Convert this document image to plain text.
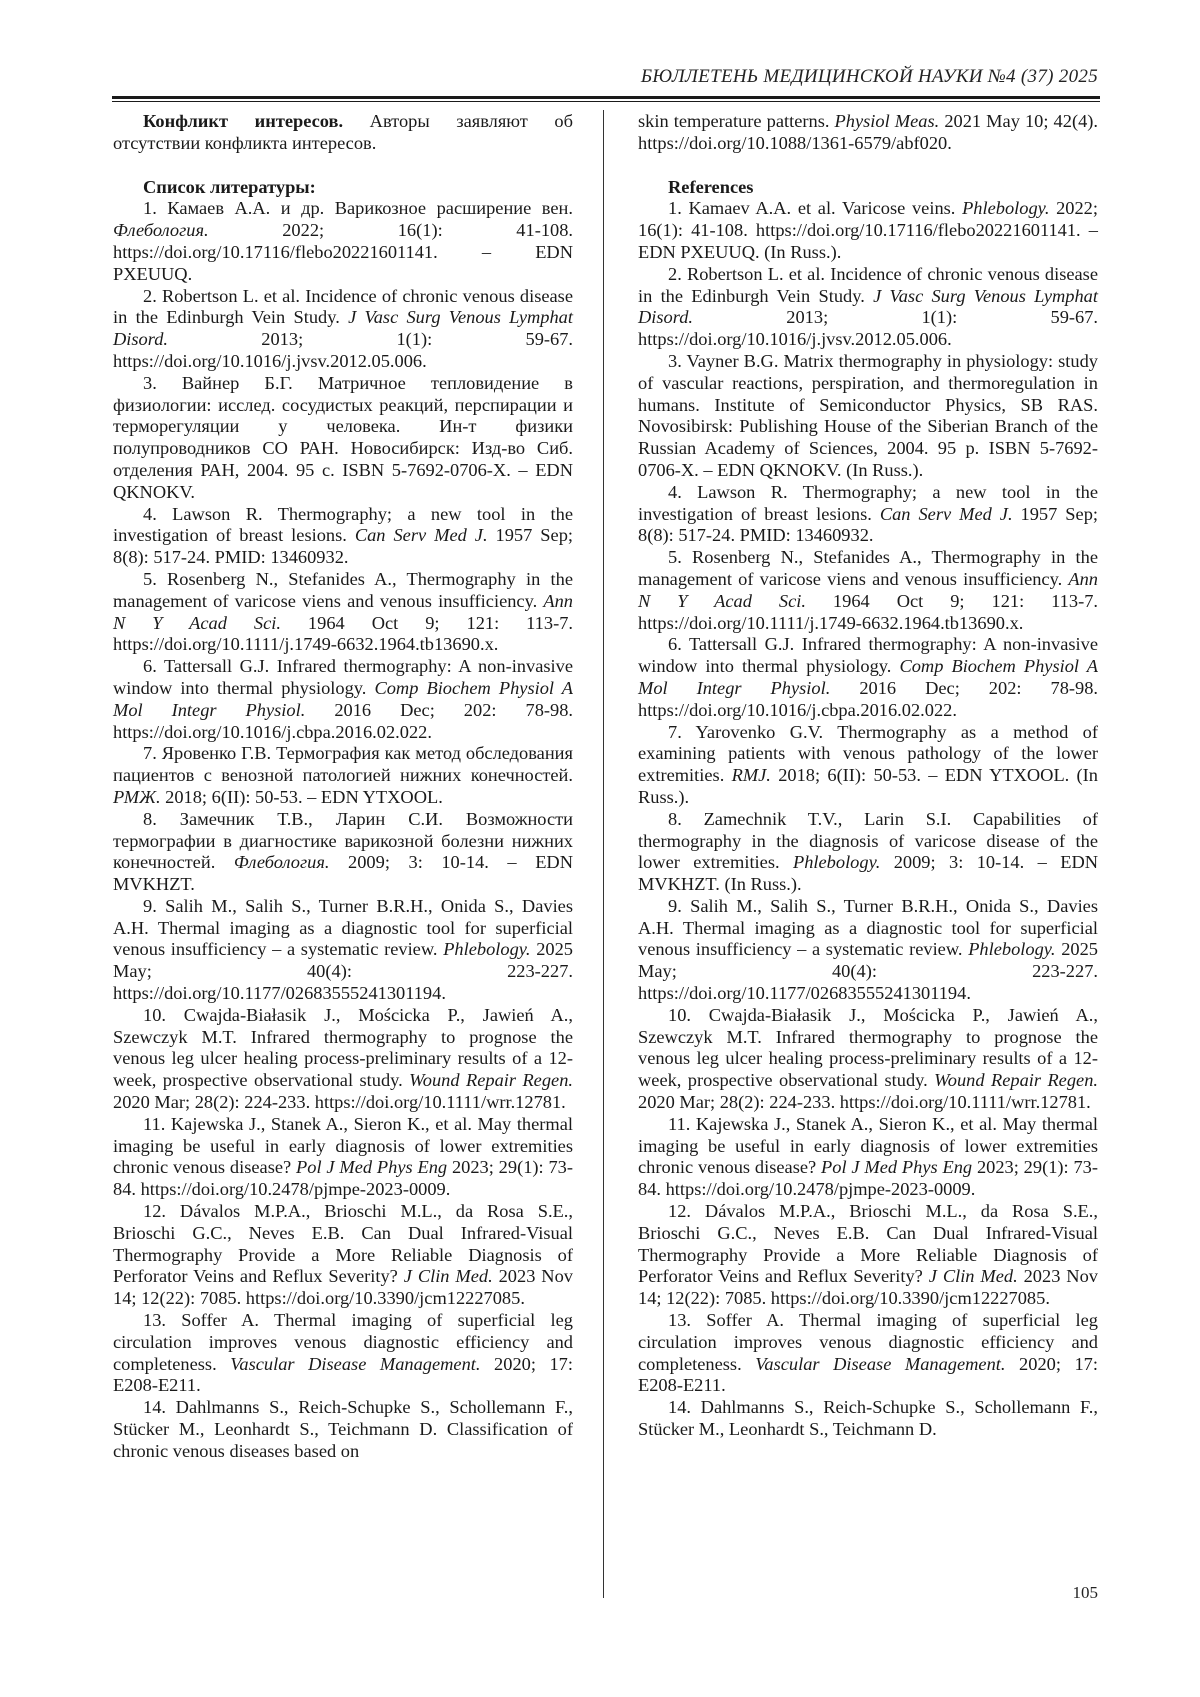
БЮЛЛЕТЕНЬ МЕДИЦИНСКОЙ НАУКИ №4 (37) 2025

Конфликт интересов. Авторы заявляют об отсутствии конфликта интересов.

Список литературы:

1. Камаев А.А. и др. Варикозное расширение вен. Флебология. 2022; 16(1): 41-108. https://doi.org/10.17116/flebo20221601141. – EDN PXEUUQ.

2. Robertson L. et al. Incidence of chronic venous disease in the Edinburgh Vein Study. J Vasc Surg Venous Lymphat Disord. 2013; 1(1): 59-67. https://doi.org/10.1016/j.jvsv.2012.05.006.

3. Вайнер Б.Г. Матричное тепловидение в физиологии: исслед. сосудистых реакций, перспирации и терморегуляции у человека. Ин-т физики полупроводников СО РАН. Новосибирск: Изд-во Сиб. отделения РАН, 2004. 95 с. ISBN 5-7692-0706-X. – EDN QKNOKV.

4. Lawson R. Thermography; a new tool in the investigation of breast lesions. Can Serv Med J. 1957 Sep; 8(8): 517-24. PMID: 13460932.

5. Rosenberg N., Stefanides A., Thermography in the management of varicose viens and venous insufficiency. Ann N Y Acad Sci. 1964 Oct 9; 121: 113-7. https://doi.org/10.1111/j.1749-6632.1964.tb13690.x.

6. Tattersall G.J. Infrared thermography: A non-invasive window into thermal physiology. Comp Biochem Physiol A Mol Integr Physiol. 2016 Dec; 202: 78-98. https://doi.org/10.1016/j.cbpa.2016.02.022.

7. Яровенко Г.В. Термография как метод обследования пациентов с венозной патологией нижних конечностей. РМЖ. 2018; 6(II): 50-53. – EDN YTXOOL.

8. Замечник Т.В., Ларин С.И. Возможности термографии в диагностике варикозной болезни нижних конечностей. Флебология. 2009; 3: 10-14. – EDN MVKHZT.

9. Salih M., Salih S., Turner B.R.H., Onida S., Davies A.H. Thermal imaging as a diagnostic tool for superficial venous insufficiency – a systematic review. Phlebology. 2025 May; 40(4): 223-227. https://doi.org/10.1177/02683555241301194.

10. Cwajda-Białasik J., Mościcka P., Jawień A., Szewczyk M.T. Infrared thermography to prognose the venous leg ulcer healing process-preliminary results of a 12-week, prospective observational study. Wound Repair Regen. 2020 Mar; 28(2): 224-233. https://doi.org/10.1111/wrr.12781.

11. Kajewska J., Stanek A., Sieron K., et al. May thermal imaging be useful in early diagnosis of lower extremities chronic venous disease? Pol J Med Phys Eng 2023; 29(1): 73-84. https://doi.org/10.2478/pjmpe-2023-0009.

12. Dávalos M.P.A., Brioschi M.L., da Rosa S.E., Brioschi G.C., Neves E.B. Can Dual Infrared-Visual Thermography Provide a More Reliable Diagnosis of Perforator Veins and Reflux Severity? J Clin Med. 2023 Nov 14; 12(22): 7085. https://doi.org/10.3390/jcm12227085.

13. Soffer A. Thermal imaging of superficial leg circulation improves venous diagnostic efficiency and completeness. Vascular Disease Management. 2020; 17: E208-E211.

14. Dahlmanns S., Reich-Schupke S., Schollemann F., Stücker M., Leonhardt S., Teichmann D. Classification of chronic venous diseases based on

skin temperature patterns. Physiol Meas. 2021 May 10; 42(4). https://doi.org/10.1088/1361-6579/abf020.

References

1. Kamaev A.A. et al. Varicose veins. Phlebology. 2022; 16(1): 41-108. https://doi.org/10.17116/flebo20221601141. – EDN PXEUUQ. (In Russ.).

2. Robertson L. et al. Incidence of chronic venous disease in the Edinburgh Vein Study. J Vasc Surg Venous Lymphat Disord. 2013; 1(1): 59-67. https://doi.org/10.1016/j.jvsv.2012.05.006.

3. Vayner B.G. Matrix thermography in physiology: study of vascular reactions, perspiration, and thermoregulation in humans. Institute of Semiconductor Physics, SB RAS. Novosibirsk: Publishing House of the Siberian Branch of the Russian Academy of Sciences, 2004. 95 p. ISBN 5-7692-0706-X. – EDN QKNOKV. (In Russ.).

4. Lawson R. Thermography; a new tool in the investigation of breast lesions. Can Serv Med J. 1957 Sep; 8(8): 517-24. PMID: 13460932.

5. Rosenberg N., Stefanides A., Thermography in the management of varicose viens and venous insufficiency. Ann N Y Acad Sci. 1964 Oct 9; 121: 113-7. https://doi.org/10.1111/j.1749-6632.1964.tb13690.x.

6. Tattersall G.J. Infrared thermography: A non-invasive window into thermal physiology. Comp Biochem Physiol A Mol Integr Physiol. 2016 Dec; 202: 78-98. https://doi.org/10.1016/j.cbpa.2016.02.022.

7. Yarovenko G.V. Thermography as a method of examining patients with venous pathology of the lower extremities. RMJ. 2018; 6(II): 50-53. – EDN YTXOOL. (In Russ.).

8. Zamechnik T.V., Larin S.I. Capabilities of thermography in the diagnosis of varicose disease of the lower extremities. Phlebology. 2009; 3: 10-14. – EDN MVKHZT. (In Russ.).

9. Salih M., Salih S., Turner B.R.H., Onida S., Davies A.H. Thermal imaging as a diagnostic tool for superficial venous insufficiency – a systematic review. Phlebology. 2025 May; 40(4): 223-227. https://doi.org/10.1177/02683555241301194.

10. Cwajda-Białasik J., Mościcka P., Jawień A., Szewczyk M.T. Infrared thermography to prognose the venous leg ulcer healing process-preliminary results of a 12-week, prospective observational study. Wound Repair Regen. 2020 Mar; 28(2): 224-233. https://doi.org/10.1111/wrr.12781.

11. Kajewska J., Stanek A., Sieron K., et al. May thermal imaging be useful in early diagnosis of lower extremities chronic venous disease? Pol J Med Phys Eng 2023; 29(1): 73-84. https://doi.org/10.2478/pjmpe-2023-0009.

12. Dávalos M.P.A., Brioschi M.L., da Rosa S.E., Brioschi G.C., Neves E.B. Can Dual Infrared-Visual Thermography Provide a More Reliable Diagnosis of Perforator Veins and Reflux Severity? J Clin Med. 2023 Nov 14; 12(22): 7085. https://doi.org/10.3390/jcm12227085.

13. Soffer A. Thermal imaging of superficial leg circulation improves venous diagnostic efficiency and completeness. Vascular Disease Management. 2020; 17: E208-E211.

14. Dahlmanns S., Reich-Schupke S., Schollemann F., Stücker M., Leonhardt S., Teichmann D.

105
